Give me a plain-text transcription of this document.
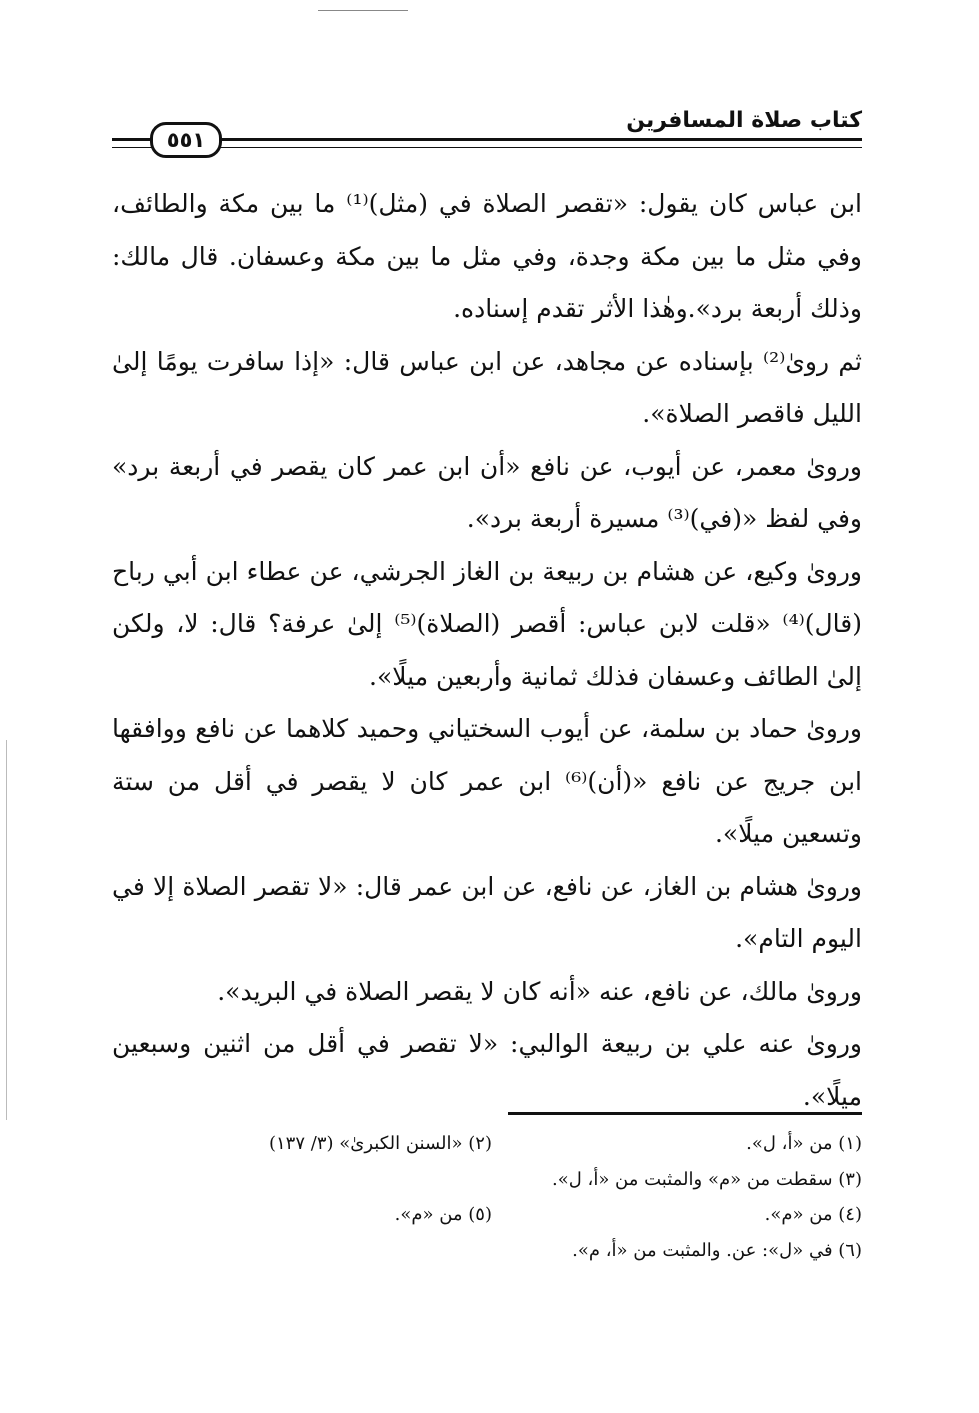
٥٥١
كتاب صلاة المسافرين

ابن عباس كان يقول: «تقصر الصلاة في (مثل)⁽¹⁾ ما بين مكة والطائف، وفي مثل ما بين مكة وجدة، وفي مثل ما بين مكة وعسفان. قال مالك: وذلك أربعة برد».وهٰذا الأثر تقدم إسناده.

ثم روىٰ⁽²⁾ بإسناده عن مجاهد، عن ابن عباس قال: «إذا سافرت يومًا إلىٰ الليل فاقصر الصلاة».

وروىٰ معمر، عن أيوب، عن نافع «أن ابن عمر كان يقصر في أربعة برد» وفي لفظ «(في)⁽³⁾ مسيرة أربعة برد».

وروىٰ وكيع، عن هشام بن ربيعة بن الغاز الجرشي، عن عطاء ابن أبي رباح (قال)⁽⁴⁾ «قلت لابن عباس: أقصر (الصلاة)⁽⁵⁾ إلىٰ عرفة؟ قال: لا، ولكن إلىٰ الطائف وعسفان فذلك ثمانية وأربعين ميلًا».

وروىٰ حماد بن سلمة، عن أيوب السختياني وحميد كلاهما عن نافع ووافقها ابن جريج عن نافع «(أن)⁽⁶⁾ ابن عمر كان لا يقصر في أقل من ستة وتسعين ميلًا».

وروىٰ هشام بن الغاز، عن نافع، عن ابن عمر قال: «لا تقصر الصلاة إلا في اليوم التام».

وروىٰ مالك، عن نافع، عنه «أنه كان لا يقصر الصلاة في البريد».

وروىٰ عنه علي بن ربيعة الوالبي: «لا تقصر في أقل من اثنين وسبعين ميلًا».

(١) من «أ، ل».
(٢) «السنن الكبرىٰ» (٣/ ١٣٧)
(٣) سقطت من «م» والمثبت من «أ، ل».
(٤) من «م».
(٥) من «م».
(٦) في «ل»: عن. والمثبت من «أ، م».
